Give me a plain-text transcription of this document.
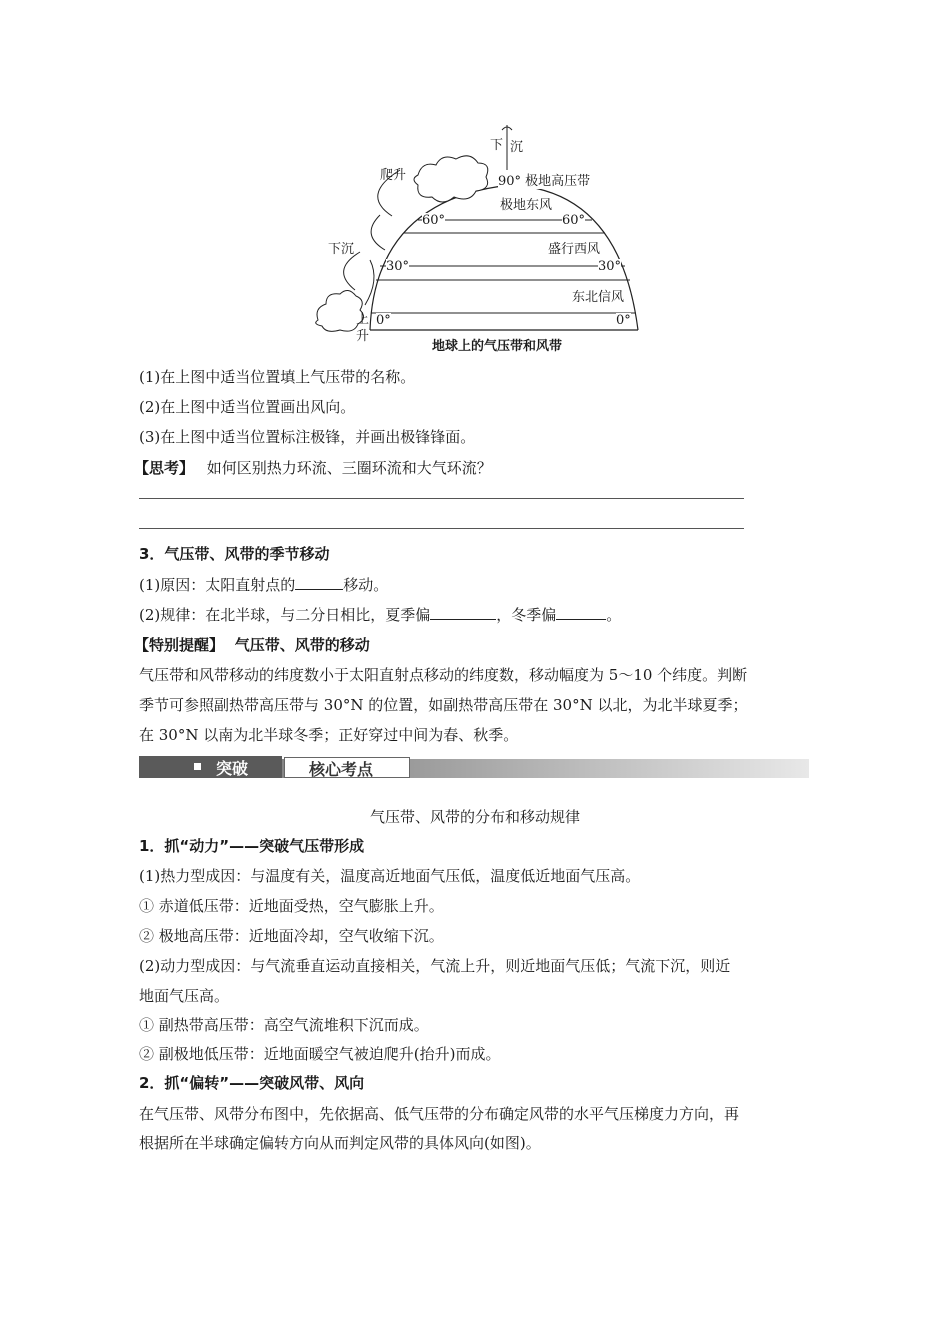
下 沉
爬升
下沉
上
升
90° 极地高压带
极地东风
60°	60°
盛行西风
30°	30°
东北信风
0°	0°
地球上的气压带和风带
(1)在上图中适当位置填上气压带的名称。
(2)在上图中适当位置画出风向。
(3)在上图中适当位置标注极锋，并画出极锋锋面。
【思考】 如何区别热力环流、三圈环流和大气环流？
3．气压带、风带的季节移动
(1)原因：太阳直射点的	移动。
(2)规律：在北半球，与二分日相比，夏季偏	，冬季偏	。
【特别提醒】 气压带、风带的移动
气压带和风带移动的纬度数小于太阳直射点移动的纬度数，移动幅度为 5～10 个纬度。判断
季节可参照副热带高压带与 30°N 的位置，如副热带高压带在 30°N 以北，为北半球夏季；
在 30°N 以南为北半球冬季；正好穿过中间为春、秋季。
突破	核心考点
气压带、风带的分布和移动规律
1．抓“动力”——突破气压带形成
(1)热力型成因：与温度有关，温度高近地面气压低，温度低近地面气压高。
① 赤道低压带：近地面受热，空气膨胀上升。
② 极地高压带：近地面冷却，空气收缩下沉。
(2)动力型成因：与气流垂直运动直接相关，气流上升，则近地面气压低；气流下沉，则近
地面气压高。
① 副热带高压带：高空气流堆积下沉而成。
② 副极地低压带：近地面暖空气被迫爬升(抬升)而成。
2．抓“偏转”——突破风带、风向
在气压带、风带分布图中，先依据高、低气压带的分布确定风带的水平气压梯度力方向，再
根据所在半球确定偏转方向从而判定风带的具体风向(如图)。
